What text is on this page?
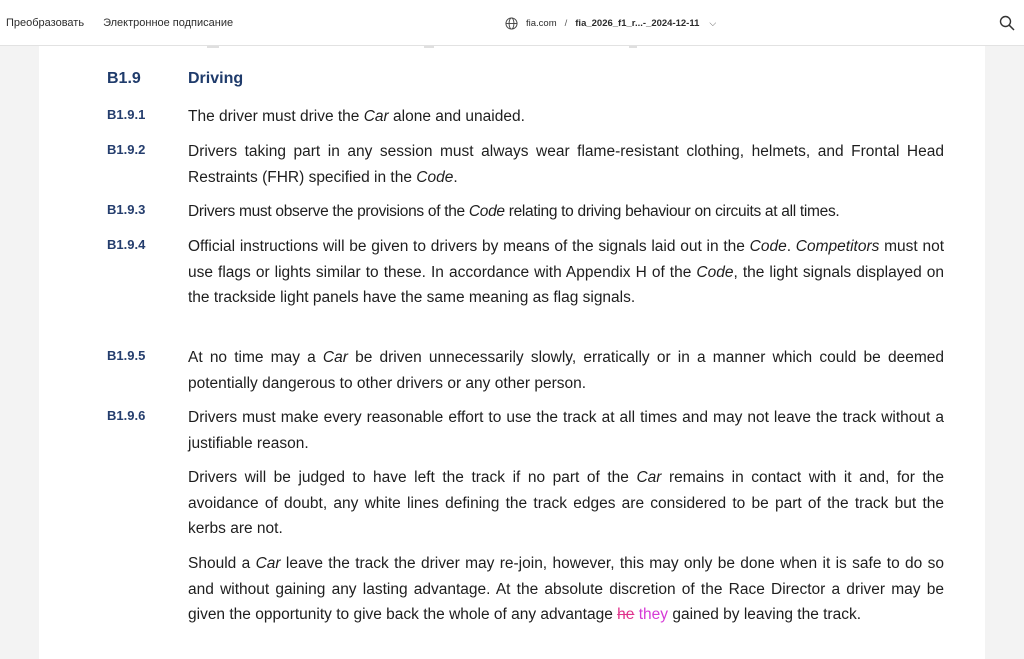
Преобразовать Электронное подписание	fia.com / fia_2026_f1_r...-_2024-12-11 ⌵
B1.9	Driving
B1.9.1	The driver must drive the Car alone and unaided.
B1.9.2	Drivers taking part in any session must always wear flame-resistant clothing, helmets, and Frontal Head Restraints (FHR) specified in the Code.
B1.9.3	Drivers must observe the provisions of the Code relating to driving behaviour on circuits at all times.
B1.9.4	Official instructions will be given to drivers by means of the signals laid out in the Code. Competitors must not use flags or lights similar to these. In accordance with Appendix H of the Code, the light signals displayed on the trackside light panels have the same meaning as flag signals.
B1.9.5	At no time may a Car be driven unnecessarily slowly, erratically or in a manner which could be deemed potentially dangerous to other drivers or any other person.
B1.9.6	Drivers must make every reasonable effort to use the track at all times and may not leave the track without a justifiable reason.
Drivers will be judged to have left the track if no part of the Car remains in contact with it and, for the avoidance of doubt, any white lines defining the track edges are considered to be part of the track but the kerbs are not.
Should a Car leave the track the driver may re-join, however, this may only be done when it is safe to do so and without gaining any lasting advantage. At the absolute discretion of the Race Director a driver may be given the opportunity to give back the whole of any advantage he they gained by leaving the track.
